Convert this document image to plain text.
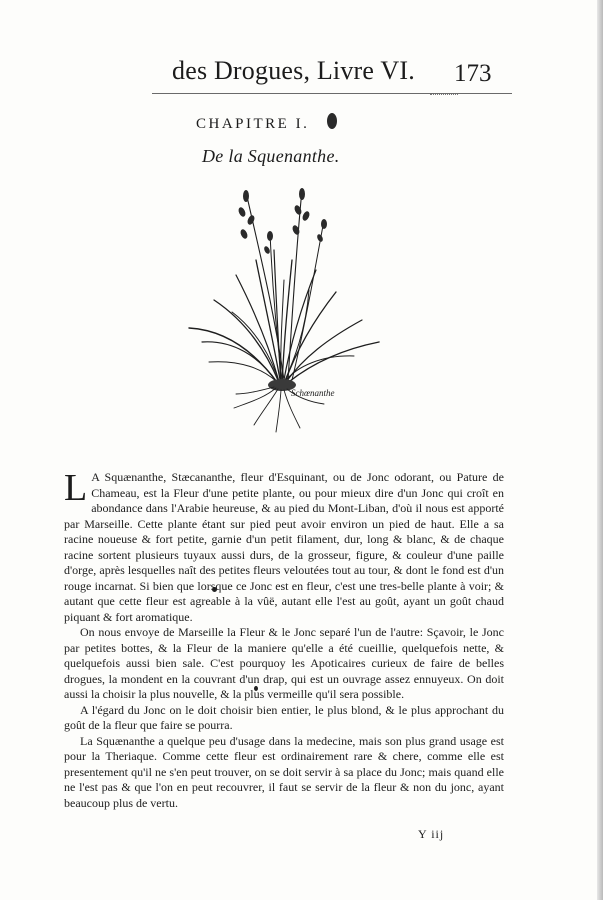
des Drogues, Livre VI. 173
CHAPITRE I.
De la Squenanthe.
Schœnanthe

L A Squænanthe, Stæcananthe, fleur d'Esquinant, ou de Jonc odorant, ou Pature de Chameau, est la Fleur d'une petite plante, ou pour mieux dire d'un Jonc qui croît en abondance dans l'Arabie heureuse, & au pied du Mont-Liban, d'où il nous est apporté par Marseille. Cette plante étant sur pied peut avoir environ un pied de haut. Elle a sa racine noueuse & fort petite, garnie d'un petit filament, dur, long & blanc, & de chaque racine sortent plusieurs tuyaux aussi durs, de la grosseur, figure, & couleur d'une paille d'orge, après lesquelles naît des petites fleurs veloutées tout au tour, & dont le fond est d'un rouge incarnat. Si bien que lorsque ce Jonc est en fleur, c'est une tres-belle plante à voir; & autant que cette fleur est agreable à la vûë, autant elle l'est au goût, ayant un goût chaud piquant & fort aromatique.

On nous envoye de Marseille la Fleur & le Jonc separé l'un de l'autre: Sçavoir, le Jonc par petites bottes, & la Fleur de la maniere qu'elle a été cueillie, quelquefois nette, & quelquefois aussi bien sale. C'est pourquoy les Apoticaires curieux de faire de belles drogues, la mondent en la couvrant d'un drap, qui est un ouvrage assez ennuyeux. On doit aussi la choisir la plus nouvelle, & la plus vermeille qu'il sera possible.

A l'égard du Jonc on le doit choisir bien entier, le plus blond, & le plus approchant du goût de la fleur que faire se pourra.

La Squænanthe a quelque peu d'usage dans la medecine, mais son plus grand usage est pour la Theriaque. Comme cette fleur est ordinairement rare & chere, comme elle est presentement qu'il ne s'en peut trouver, on se doit servir à sa place du Jonc; mais quand elle ne l'est pas & que l'on en peut recouvrer, il faut se servir de la fleur & non du jonc, ayant beaucoup plus de vertu.

Y iij
